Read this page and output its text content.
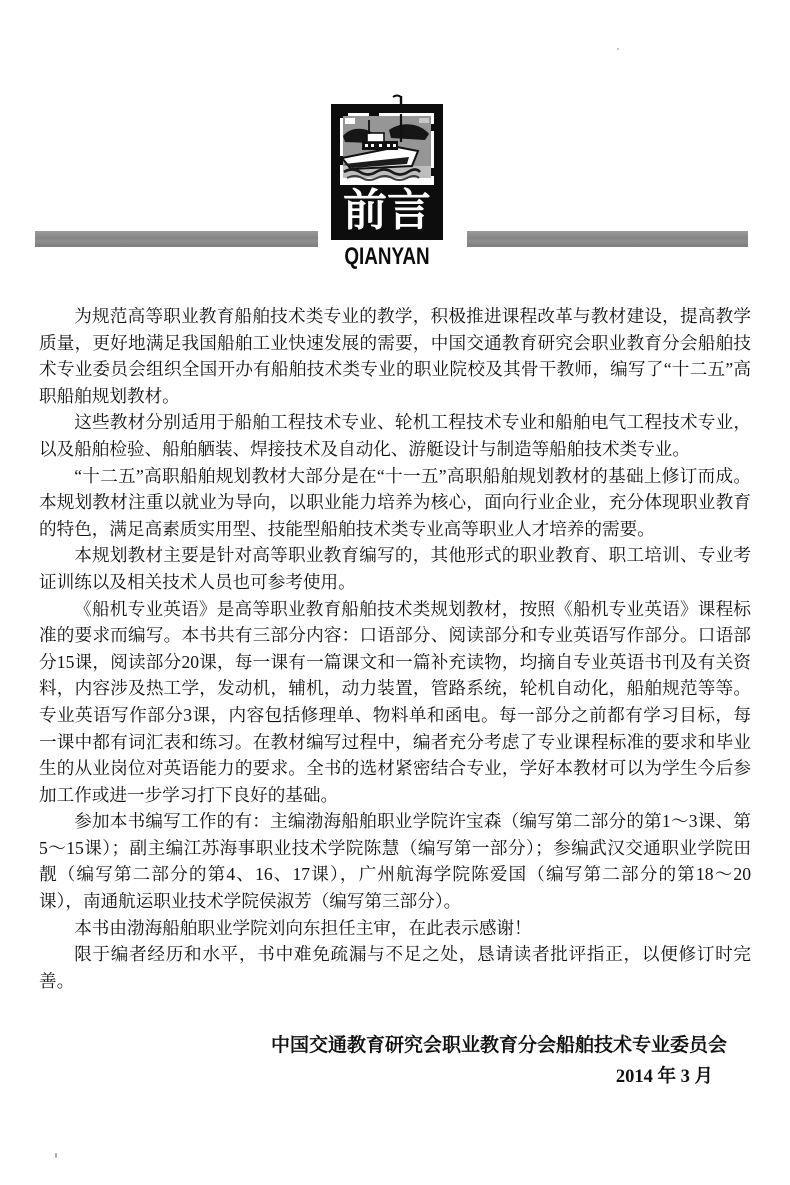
前言
QIANYAN

为规范高等职业教育船舶技术类专业的教学，积极推进课程改革与教材建设，提高教学质量，更好地满足我国船舶工业快速发展的需要，中国交通教育研究会职业教育分会船舶技术专业委员会组织全国开办有船舶技术类专业的职业院校及其骨干教师，编写了“十二五”高职船舶规划教材。

这些教材分别适用于船舶工程技术专业、轮机工程技术专业和船舶电气工程技术专业，以及船舶检验、船舶舾装、焊接技术及自动化、游艇设计与制造等船舶技术类专业。

“十二五”高职船舶规划教材大部分是在“十一五”高职船舶规划教材的基础上修订而成。本规划教材注重以就业为导向，以职业能力培养为核心，面向行业企业，充分体现职业教育的特色，满足高素质实用型、技能型船舶技术类专业高等职业人才培养的需要。

本规划教材主要是针对高等职业教育编写的，其他形式的职业教育、职工培训、专业考证训练以及相关技术人员也可参考使用。

《船机专业英语》是高等职业教育船舶技术类规划教材，按照《船机专业英语》课程标准的要求而编写。本书共有三部分内容：口语部分、阅读部分和专业英语写作部分。口语部分15课，阅读部分20课，每一课有一篇课文和一篇补充读物，均摘自专业英语书刊及有关资料，内容涉及热工学，发动机，辅机，动力装置，管路系统，轮机自动化，船舶规范等等。专业英语写作部分3课，内容包括修理单、物料单和函电。每一部分之前都有学习目标，每一课中都有词汇表和练习。在教材编写过程中，编者充分考虑了专业课程标准的要求和毕业生的从业岗位对英语能力的要求。全书的选材紧密结合专业，学好本教材可以为学生今后参加工作或进一步学习打下良好的基础。

参加本书编写工作的有：主编渤海船舶职业学院许宝森（编写第二部分的第1～3课、第5～15课）；副主编江苏海事职业技术学院陈慧（编写第一部分）；参编武汉交通职业学院田靓（编写第二部分的第4、16、17课），广州航海学院陈爱国（编写第二部分的第18～20课），南通航运职业技术学院侯淑芳（编写第三部分）。

本书由渤海船舶职业学院刘向东担任主审，在此表示感谢！

限于编者经历和水平，书中难免疏漏与不足之处，恳请读者批评指正，以便修订时完善。

中国交通教育研究会职业教育分会船舶技术专业委员会
2014 年 3 月
